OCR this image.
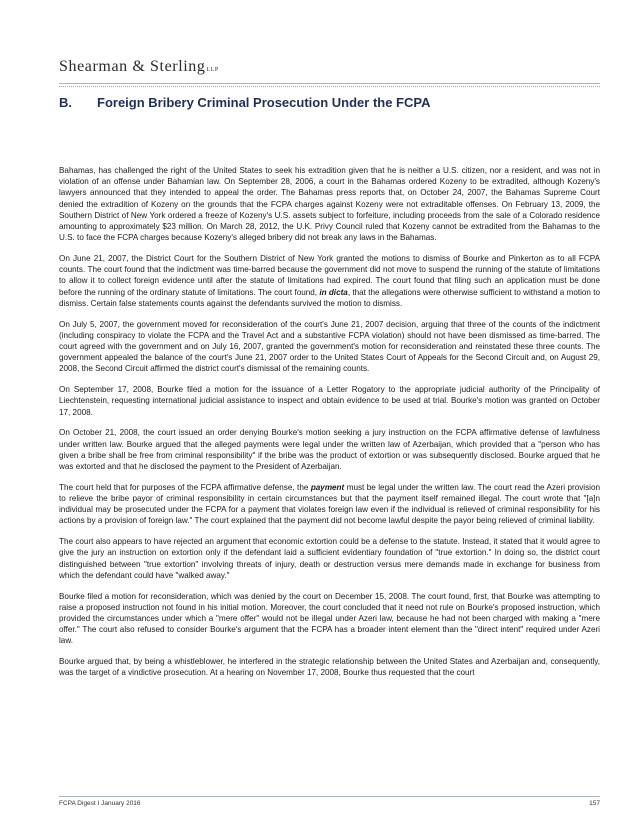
Shearman & SterlingLLP
B. Foreign Bribery Criminal Prosecution Under the FCPA

Bahamas, has challenged the right of the United States to seek his extradition given that he is neither a U.S. citizen, nor a resident, and was not in violation of an offense under Bahamian law. On September 28, 2006, a court in the Bahamas ordered Kozeny to be extradited, although Kozeny's lawyers announced that they intended to appeal the order. The Bahamas press reports that, on October 24, 2007, the Bahamas Supreme Court denied the extradition of Kozeny on the grounds that the FCPA charges against Kozeny were not extraditable offenses. On February 13, 2009, the Southern District of New York ordered a freeze of Kozeny's U.S. assets subject to forfeiture, including proceeds from the sale of a Colorado residence amounting to approximately $23 million. On March 28, 2012, the U.K. Privy Council ruled that Kozeny cannot be extradited from the Bahamas to the U.S. to face the FCPA charges because Kozeny's alleged bribery did not break any laws in the Bahamas.

On June 21, 2007, the District Court for the Southern District of New York granted the motions to dismiss of Bourke and Pinkerton as to all FCPA counts. The court found that the indictment was time-barred because the government did not move to suspend the running of the statute of limitations to allow it to collect foreign evidence until after the statute of limitations had expired. The court found that filing such an application must be done before the running of the ordinary statute of limitations. The court found, in dicta, that the allegations were otherwise sufficient to withstand a motion to dismiss. Certain false statements counts against the defendants survived the motion to dismiss.

On July 5, 2007, the government moved for reconsideration of the court's June 21, 2007 decision, arguing that three of the counts of the indictment (including conspiracy to violate the FCPA and the Travel Act and a substantive FCPA violation) should not have been dismissed as time-barred. The court agreed with the government and on July 16, 2007, granted the government's motion for reconsideration and reinstated these three counts. The government appealed the balance of the court's June 21, 2007 order to the United States Court of Appeals for the Second Circuit and, on August 29, 2008, the Second Circuit affirmed the district court's dismissal of the remaining counts.

On September 17, 2008, Bourke filed a motion for the issuance of a Letter Rogatory to the appropriate judicial authority of the Principality of Liechtenstein, requesting international judicial assistance to inspect and obtain evidence to be used at trial. Bourke's motion was granted on October 17, 2008.

On October 21, 2008, the court issued an order denying Bourke's motion seeking a jury instruction on the FCPA affirmative defense of lawfulness under written law. Bourke argued that the alleged payments were legal under the written law of Azerbaijan, which provided that a "person who has given a bribe shall be free from criminal responsibility" if the bribe was the product of extortion or was subsequently disclosed. Bourke argued that he was extorted and that he disclosed the payment to the President of Azerbaijan.

The court held that for purposes of the FCPA affirmative defense, the payment must be legal under the written law. The court read the Azeri provision to relieve the bribe payor of criminal responsibility in certain circumstances but that the payment itself remained illegal. The court wrote that "[a]n individual may be prosecuted under the FCPA for a payment that violates foreign law even if the individual is relieved of criminal responsibility for his actions by a provision of foreign law." The court explained that the payment did not become lawful despite the payor being relieved of criminal liability.

The court also appears to have rejected an argument that economic extortion could be a defense to the statute. Instead, it stated that it would agree to give the jury an instruction on extortion only if the defendant laid a sufficient evidentiary foundation of "true extortion." In doing so, the district court distinguished between "true extortion" involving threats of injury, death or destruction versus mere demands made in exchange for business from which the defendant could have "walked away."

Bourke filed a motion for reconsideration, which was denied by the court on December 15, 2008. The court found, first, that Bourke was attempting to raise a proposed instruction not found in his initial motion. Moreover, the court concluded that it need not rule on Bourke's proposed instruction, which provided the circumstances under which a "mere offer" would not be illegal under Azeri law, because he had not been charged with making a "mere offer." The court also refused to consider Bourke's argument that the FCPA has a broader intent element than the "direct intent" required under Azeri law.

Bourke argued that, by being a whistleblower, he interfered in the strategic relationship between the United States and Azerbaijan and, consequently, was the target of a vindictive prosecution. At a hearing on November 17, 2008, Bourke thus requested that the court

FCPA Digest I January 2016	157
